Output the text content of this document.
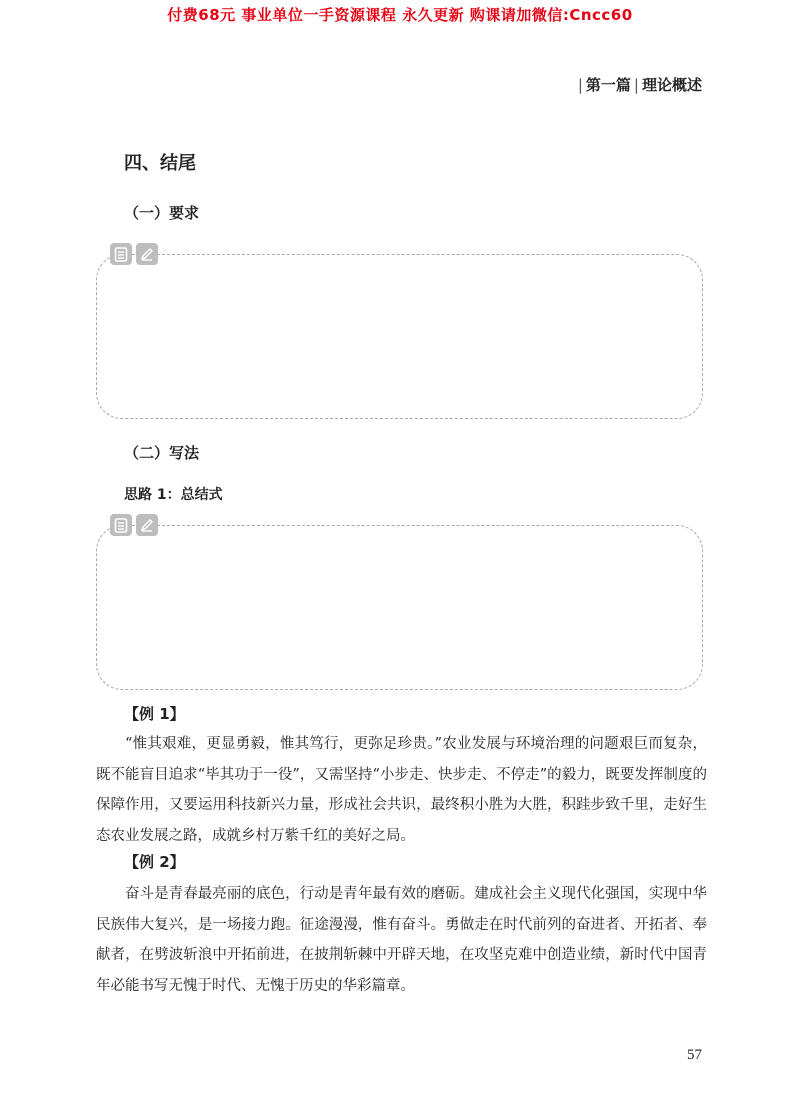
付费68元 事业单位一手资源课程 永久更新 购课请加微信:Cncc60
| 第一篇 | 理论概述
四、结尾
（一）要求
（二）写法
思路 1：总结式
【例 1】
“惟其艰难，更显勇毅，惟其笃行，更弥足珍贵。”农业发展与环境治理的问题艰巨而复杂，既不能盲目追求“毕其功于一役”，又需坚持“小步走、快步走、不停走”的毅力，既要发挥制度的保障作用，又要运用科技新兴力量，形成社会共识，最终积小胜为大胜，积跬步致千里，走好生态农业发展之路，成就乡村万紫千红的美好之局。
【例 2】
奋斗是青春最亮丽的底色，行动是青年最有效的磨砺。建成社会主义现代化强国，实现中华民族伟大复兴，是一场接力跑。征途漫漫，惟有奋斗。勇做走在时代前列的奋进者、开拓者、奉献者，在劈波斩浪中开拓前进，在披荆斩棘中开辟天地，在攻坚克难中创造业绩，新时代中国青年必能书写无愧于时代、无愧于历史的华彩篇章。
57
